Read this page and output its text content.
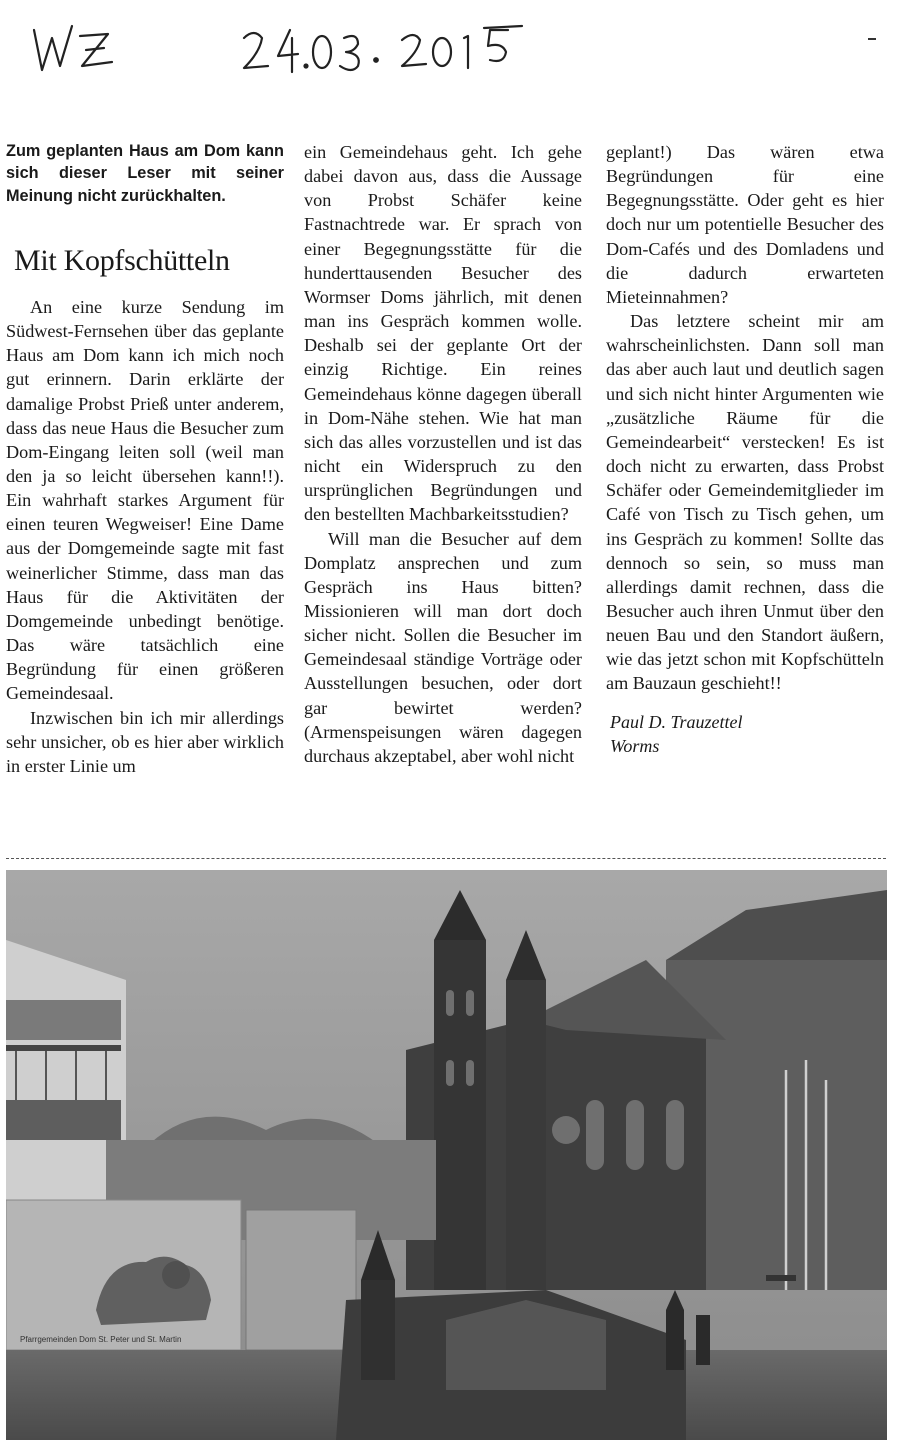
Zum geplanten Haus am Dom kann sich dieser Leser mit seiner Meinung nicht zurückhalten.

Mit Kopfschütteln

An eine kurze Sendung im Südwest-Fernsehen über das geplante Haus am Dom kann ich mich noch gut erinnern. Darin erklärte der damalige Probst Prieß unter anderem, dass das neue Haus die Besucher zum Dom-Eingang leiten soll (weil man den ja so leicht übersehen kann!!). Ein wahrhaft starkes Argument für einen teuren Wegweiser! Eine Dame aus der Domgemeinde sagte mit fast weinerlicher Stimme, dass man das Haus für die Aktivitäten der Domgemeinde unbedingt benötige. Das wäre tatsächlich eine Begründung für einen größeren Gemeindesaal.

Inzwischen bin ich mir allerdings sehr unsicher, ob es hier aber wirklich in erster Linie um

ein Gemeindehaus geht. Ich gehe dabei davon aus, dass die Aussage von Probst Schäfer keine Fastnachtrede war. Er sprach von einer Begegnungsstätte für die hunderttausenden Besucher des Wormser Doms jährlich, mit denen man ins Gespräch kommen wolle. Deshalb sei der geplante Ort der einzig Richtige. Ein reines Gemeindehaus könne dagegen überall in Dom-Nähe stehen. Wie hat man sich das alles vorzustellen und ist das nicht ein Widerspruch zu den ursprünglichen Begründungen und den bestellten Machbarkeitsstudien?

Will man die Besucher auf dem Domplatz ansprechen und zum Gespräch ins Haus bitten? Missionieren will man dort doch sicher nicht. Sollen die Besucher im Gemeindesaal ständige Vorträge oder Ausstellungen besuchen, oder dort gar bewirtet werden? (Armenspeisungen wären dagegen durchaus akzeptabel, aber wohl nicht

geplant!) Das wären etwa Begründungen für eine Begegnungsstätte. Oder geht es hier doch nur um potentielle Besucher des Dom-Cafés und des Domladens und die dadurch erwarteten Mieteinnahmen?

Das letztere scheint mir am wahrscheinlichsten. Dann soll man das aber auch laut und deutlich sagen und sich nicht hinter Argumenten wie „zusätzliche Räume für die Gemeindearbeit“ verstecken! Es ist doch nicht zu erwarten, dass Probst Schäfer oder Gemeindemitglieder im Café von Tisch zu Tisch gehen, um ins Gespräch zu kommen! Sollte das dennoch so sein, so muss man allerdings damit rechnen, dass die Besucher auch ihren Unmut über den neuen Bau und den Standort äußern, wie das jetzt schon mit Kopfschütteln am Bauzaun geschieht!!

Paul D. Trauzettel
Worms
Pfarrgemeinden Dom St. Peter und St. Martin
